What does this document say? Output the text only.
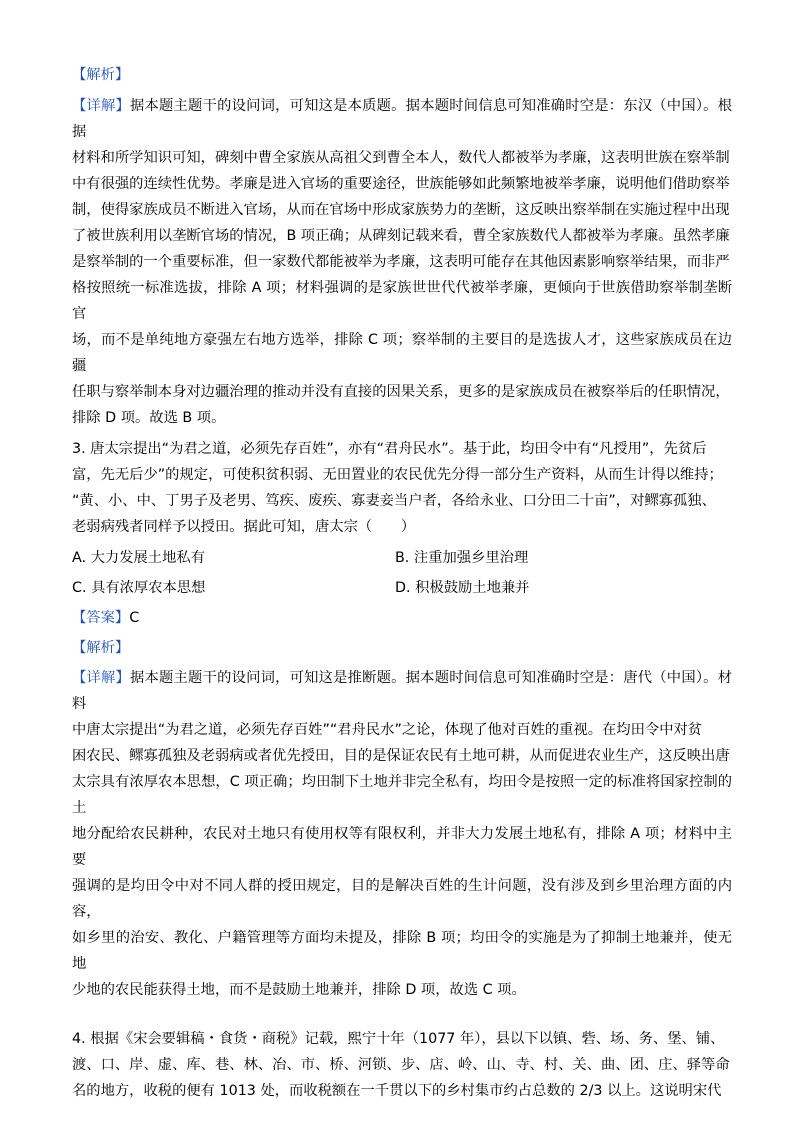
【解析】

【详解】据本题主题干的设问词，可知这是本质题。据本题时间信息可知准确时空是：东汉（中国）。根据

材料和所学知识可知，碑刻中曹全家族从高祖父到曹全本人，数代人都被举为孝廉，这表明世族在察举制

中有很强的连续性优势。孝廉是进入官场的重要途径，世族能够如此频繁地被举孝廉，说明他们借助察举

制，使得家族成员不断进入官场，从而在官场中形成家族势力的垄断，这反映出察举制在实施过程中出现

了被世族利用以垄断官场的情况，B 项正确；从碑刻记载来看，曹全家族数代人都被举为孝廉。虽然孝廉

是察举制的一个重要标准，但一家数代都能被举为孝廉，这表明可能存在其他因素影响察举结果，而非严

格按照统一标准选拔，排除 A 项；材料强调的是家族世世代代被举孝廉，更倾向于世族借助察举制垄断官

场，而不是单纯地方豪强左右地方选举，排除 C 项；察举制的主要目的是选拔人才，这些家族成员在边疆

任职与察举制本身对边疆治理的推动并没有直接的因果关系，更多的是家族成员在被察举后的任职情况，

排除 D 项。故选 B 项。

3. 唐太宗提出“为君之道，必须先存百姓”，亦有“君舟民水”。基于此，均田令中有“凡授用”，先贫后

富，先无后少”的规定，可使积贫积弱、无田置业的农民优先分得一部分生产资料，从而生计得以维持；

“黄、小、中、丁男子及老男、笃疾、废疾、寡妻妾当户者，各给永业、口分田二十亩”，对鳏寡孤独、

老弱病残者同样予以授田。据此可知，唐太宗（　　）

A. 大力发展土地私有	B. 注重加强乡里治理
C. 具有浓厚农本思想	D. 积极鼓励土地兼并

【答案】C

【解析】

【详解】据本题主题干的设问词，可知这是推断题。据本题时间信息可知准确时空是：唐代（中国）。材料

中唐太宗提出“为君之道，必须先存百姓”“君舟民水”之论，体现了他对百姓的重视。在均田令中对贫

困农民、鳏寡孤独及老弱病或者优先授田，目的是保证农民有土地可耕，从而促进农业生产，这反映出唐

太宗具有浓厚农本思想，C 项正确；均田制下土地并非完全私有，均田令是按照一定的标准将国家控制的土

地分配给农民耕种，农民对土地只有使用权等有限权利，并非大力发展土地私有，排除 A 项；材料中主要

强调的是均田令中对不同人群的授田规定，目的是解决百姓的生计问题，没有涉及到乡里治理方面的内容，

如乡里的治安、教化、户籍管理等方面均未提及，排除 B 项；均田令的实施是为了抑制土地兼并，使无地

少地的农民能获得土地，而不是鼓励土地兼并，排除 D 项，故选 C 项。

4. 根据《宋会要辑稿・食货・商税》记载，熙宁十年（1077 年），县以下以镇、砦、场、务、堡、铺、

渡、口、岸、虚、库、巷、林、冶、市、桥、河锁、步、店、岭、山、寺、村、关、曲、团、庄、驿等命

名的地方，收税的便有 1013 处，而收税额在一千贯以下的乡村集市约占总数的 2/3 以上。这说明宋代
